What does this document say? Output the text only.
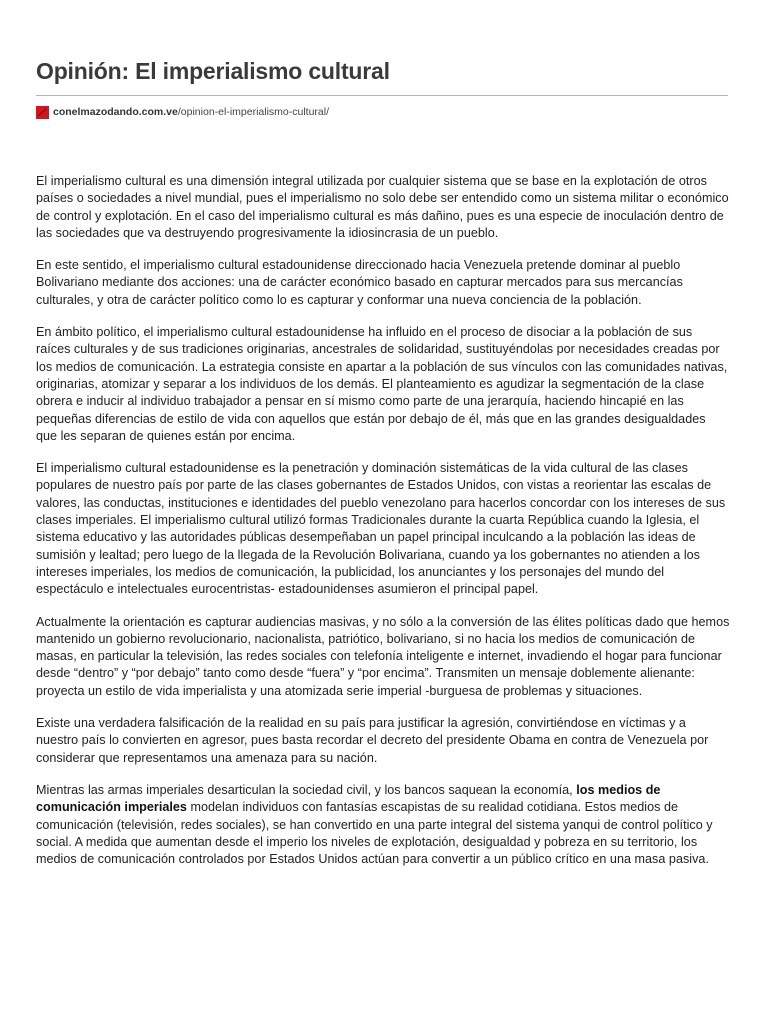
Opinión: El imperialismo cultural
conelmazodando.com.ve /opinion-el-imperialismo-cultural/

El imperialismo cultural es una dimensión integral utilizada por cualquier sistema que se base en la explotación de otros países o sociedades a nivel mundial, pues el imperialismo no solo debe ser entendido como un sistema militar o económico de control y explotación. En el caso del imperialismo cultural es más dañino, pues es una especie de inoculación dentro de las sociedades que va destruyendo progresivamente la idiosincrasia de un pueblo.

En este sentido, el imperialismo cultural estadounidense direccionado hacia Venezuela pretende dominar al pueblo Bolivariano mediante dos acciones: una de carácter económico basado en capturar mercados para sus mercancías culturales, y otra de carácter político como lo es capturar y conformar una nueva conciencia de la población.

En ámbito político, el imperialismo cultural estadounidense ha influido en el proceso de disociar a la población de sus raíces culturales y de sus tradiciones originarias, ancestrales de solidaridad, sustituyéndolas por necesidades creadas por los medios de comunicación. La estrategia consiste en apartar a la población de sus vínculos con las comunidades nativas, originarias, atomizar y separar a los individuos de los demás. El planteamiento es agudizar la segmentación de la clase obrera e inducir al individuo trabajador a pensar en sí mismo como parte de una jerarquía, haciendo hincapié en las pequeñas diferencias de estilo de vida con aquellos que están por debajo de él, más que en las grandes desigualdades que les separan de quienes están por encima.

El imperialismo cultural estadounidense es la penetración y dominación sistemáticas de la vida cultural de las clases populares de nuestro país por parte de las clases gobernantes de Estados Unidos, con vistas a reorientar las escalas de valores, las conductas, instituciones e identidades del pueblo venezolano para hacerlos concordar con los intereses de sus clases imperiales. El imperialismo cultural utilizó formas Tradicionales durante la cuarta República cuando la Iglesia, el sistema educativo y las autoridades públicas desempeñaban un papel principal inculcando a la población las ideas de sumisión y lealtad; pero luego de la llegada de la Revolución Bolivariana, cuando ya los gobernantes no atienden a los intereses imperiales, los medios de comunicación, la publicidad, los anunciantes y los personajes del mundo del espectáculo e intelectuales eurocentristas- estadounidenses asumieron el principal papel.

Actualmente la orientación es capturar audiencias masivas, y no sólo a la conversión de las élites políticas dado que hemos mantenido un gobierno revolucionario, nacionalista, patriótico, bolivariano, si no hacia los medios de comunicación de masas, en particular la televisión, las redes sociales con telefonía inteligente e internet, invadiendo el hogar para funcionar desde “dentro” y “por debajo” tanto como desde “fuera” y “por encima”. Transmiten un mensaje doblemente alienante: proyecta un estilo de vida imperialista y una atomizada serie imperial -burguesa de problemas y situaciones.

Existe una verdadera falsificación de la realidad en su país para justificar la agresión, convirtiéndose en víctimas y a nuestro país lo convierten en agresor, pues basta recordar el decreto del presidente Obama en contra de Venezuela por considerar que representamos una amenaza para su nación.

Mientras las armas imperiales desarticulan la sociedad civil, y los bancos saquean la economía, los medios de comunicación imperiales modelan individuos con fantasías escapistas de su realidad cotidiana. Estos medios de comunicación (televisión, redes sociales), se han convertido en una parte integral del sistema yanqui de control político y social. A medida que aumentan desde el imperio los niveles de explotación, desigualdad y pobreza en su territorio, los medios de comunicación controlados por Estados Unidos actúan para convertir a un público crítico en una masa pasiva.
